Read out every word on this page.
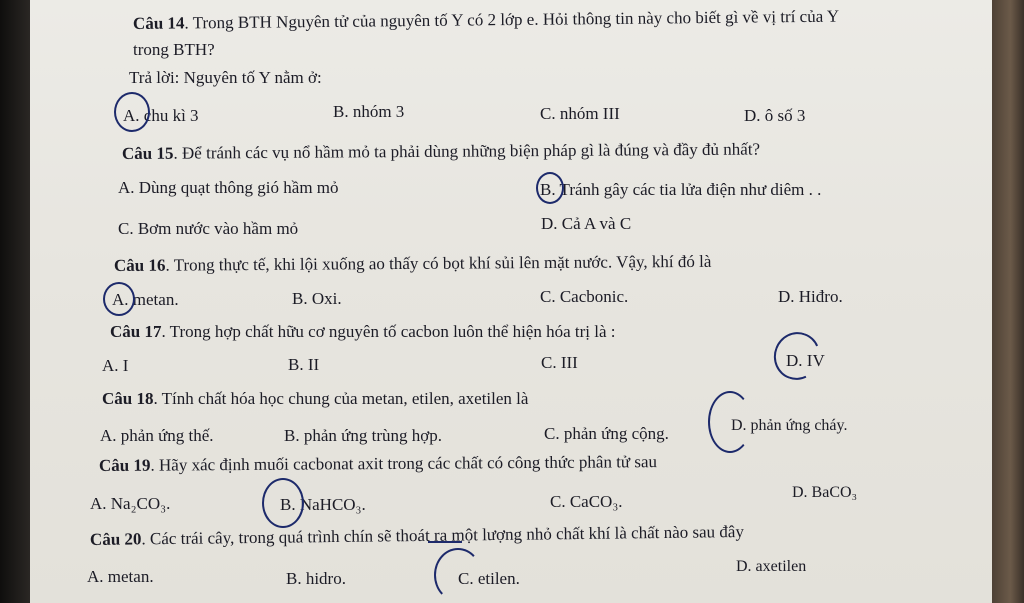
Câu 14. Trong BTH Nguyên tử của nguyên tố Y có 2 lớp e. Hỏi thông tin này cho biết gì về vị trí của Y
trong BTH?
Trả lời: Nguyên tố Y nằm ở:
A. chu kì 3	B. nhóm 3	C. nhóm III	D. ô số 3
Câu 15. Để tránh các vụ nổ hầm mỏ ta phải dùng những biện pháp gì là đúng và đầy đủ nhất?
A. Dùng quạt thông gió hầm mỏ	B. Tránh gây các tia lửa điện như diêm . .
C. Bơm nước vào hầm mỏ	D. Cả A và C
Câu 16. Trong thực tế, khi lội xuống ao thấy có bọt khí sủi lên mặt nước. Vậy, khí đó là
A. metan.	B. Oxi.	C. Cacbonic.	D. Hiđro.
Câu 17. Trong hợp chất hữu cơ nguyên tố cacbon luôn thể hiện hóa trị là :
A. I	B. II	C. III	D. IV
Câu 18. Tính chất hóa học chung của metan, etilen, axetilen là
A. phản ứng thế.	B. phản ứng trùng hợp.	C. phản ứng cộng.	D. phản ứng cháy.
Câu 19. Hãy xác định muối cacbonat axit trong các chất có công thức phân tử sau
A. Na₂CO₃.	B. NaHCO₃.	C. CaCO₃.	D. BaCO₃
Câu 20. Các trái cây, trong quá trình chín sẽ thoát ra một lượng nhỏ chất khí là chất nào sau đây
A. metan.	B. hidro.	C. etilen.
D. axetilen
